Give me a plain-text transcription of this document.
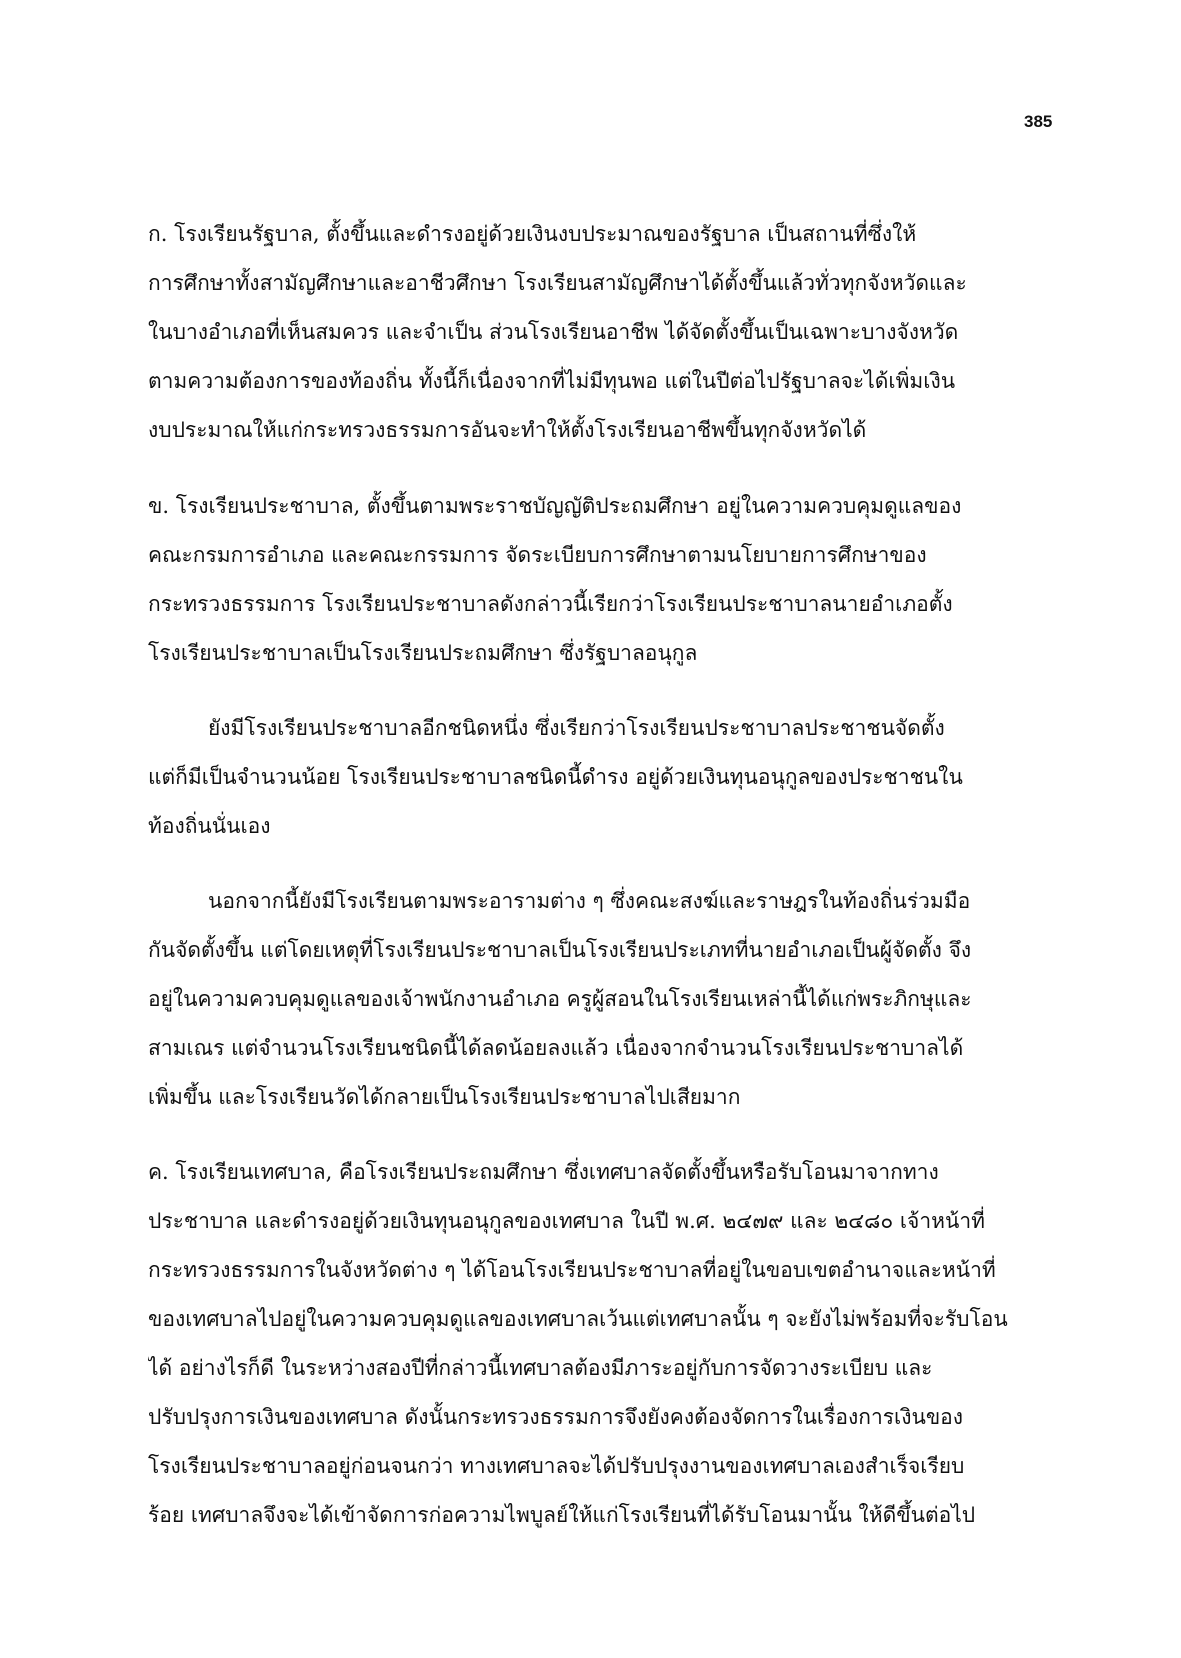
385
ก. โรงเรียนรัฐบาล, ตั้งขึ้นและดำรงอยู่ด้วยเงินงบประมาณของรัฐบาล เป็นสถานที่ซึ่งให้
การศึกษาทั้งสามัญศึกษาและอาชีวศึกษา โรงเรียนสามัญศึกษาได้ตั้งขึ้นแล้วทั่วทุกจังหวัดและ
ในบางอำเภอที่เห็นสมควร และจำเป็น ส่วนโรงเรียนอาชีพ ได้จัดตั้งขึ้นเป็นเฉพาะบางจังหวัด
ตามความต้องการของท้องถิ่น ทั้งนี้ก็เนื่องจากที่ไม่มีทุนพอ แต่ในปีต่อไปรัฐบาลจะได้เพิ่มเงิน
งบประมาณให้แก่กระทรวงธรรมการอันจะทำให้ตั้งโรงเรียนอาชีพขึ้นทุกจังหวัดได้
ข. โรงเรียนประชาบาล, ตั้งขึ้นตามพระราชบัญญัติประถมศึกษา อยู่ในความควบคุมดูแลของ
คณะกรมการอำเภอ และคณะกรรมการ จัดระเบียบการศึกษาตามนโยบายการศึกษาของ
กระทรวงธรรมการ โรงเรียนประชาบาลดังกล่าวนี้เรียกว่าโรงเรียนประชาบาลนายอำเภอตั้ง
โรงเรียนประชาบาลเป็นโรงเรียนประถมศึกษา ซึ่งรัฐบาลอนุกูล
ยังมีโรงเรียนประชาบาลอีกชนิดหนึ่ง ซึ่งเรียกว่าโรงเรียนประชาบาลประชาชนจัดตั้ง
แต่ก็มีเป็นจำนวนน้อย โรงเรียนประชาบาลชนิดนี้ดำรง อยู่ด้วยเงินทุนอนุกูลของประชาชนใน
ท้องถิ่นนั่นเอง
นอกจากนี้ยังมีโรงเรียนตามพระอารามต่าง ๆ ซึ่งคณะสงฆ์และราษฎรในท้องถิ่นร่วมมือ
กันจัดตั้งขึ้น แต่โดยเหตุที่โรงเรียนประชาบาลเป็นโรงเรียนประเภทที่นายอำเภอเป็นผู้จัดตั้ง จึง
อยู่ในความควบคุมดูแลของเจ้าพนักงานอำเภอ ครูผู้สอนในโรงเรียนเหล่านี้ได้แก่พระภิกษุและ
สามเณร แต่จำนวนโรงเรียนชนิดนี้ได้ลดน้อยลงแล้ว เนื่องจากจำนวนโรงเรียนประชาบาลได้
เพิ่มขึ้น และโรงเรียนวัดได้กลายเป็นโรงเรียนประชาบาลไปเสียมาก
ค. โรงเรียนเทศบาล, คือโรงเรียนประถมศึกษา ซึ่งเทศบาลจัดตั้งขึ้นหรือรับโอนมาจากทาง
ประชาบาล และดำรงอยู่ด้วยเงินทุนอนุกูลของเทศบาล ในปี พ.ศ. ๒๔๗๙ และ ๒๔๘๐ เจ้าหน้าที่
กระทรวงธรรมการในจังหวัดต่าง ๆ ได้โอนโรงเรียนประชาบาลที่อยู่ในขอบเขตอำนาจและหน้าที่
ของเทศบาลไปอยู่ในความควบคุมดูแลของเทศบาลเว้นแต่เทศบาลนั้น ๆ จะยังไม่พร้อมที่จะรับโอน
ได้ อย่างไรก็ดี ในระหว่างสองปีที่กล่าวนี้เทศบาลต้องมีภาระอยู่กับการจัดวางระเบียบ และ
ปรับปรุงการเงินของเทศบาล ดังนั้นกระทรวงธรรมการจึงยังคงต้องจัดการในเรื่องการเงินของ
โรงเรียนประชาบาลอยู่ก่อนจนกว่า ทางเทศบาลจะได้ปรับปรุงงานของเทศบาลเองสำเร็จเรียบ
ร้อย เทศบาลจึงจะได้เข้าจัดการก่อความไพบูลย์ให้แก่โรงเรียนที่ได้รับโอนมานั้น ให้ดีขึ้นต่อไป
